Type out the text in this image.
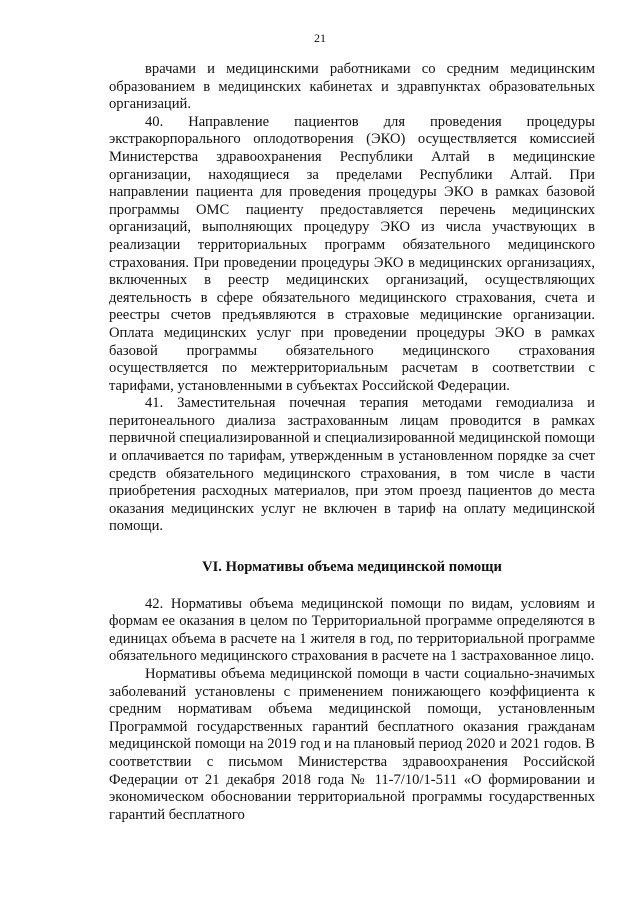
21

врачами и медицинскими работниками со средним медицинским образованием в медицинских кабинетах и здравпунктах образовательных организаций.

40. Направление пациентов для проведения процедуры экстракорпорального оплодотворения (ЭКО) осуществляется комиссией Министерства здравоохранения Республики Алтай в медицинские организации, находящиеся за пределами Республики Алтай. При направлении пациента для проведения процедуры ЭКО в рамках базовой программы ОМС пациенту предоставляется перечень медицинских организаций, выполняющих процедуру ЭКО из числа участвующих в реализации территориальных программ обязательного медицинского страхования. При проведении процедуры ЭКО в медицинских организациях, включенных в реестр медицинских организаций, осуществляющих деятельность в сфере обязательного медицинского страхования, счета и реестры счетов предъявляются в страховые медицинские организации. Оплата медицинских услуг при проведении процедуры ЭКО в рамках базовой программы обязательного медицинского страхования осуществляется по межтерриториальным расчетам в соответствии с тарифами, установленными в субъектах Российской Федерации.

41. Заместительная почечная терапия методами гемодиализа и перитонеального диализа застрахованным лицам проводится в рамках первичной специализированной и специализированной медицинской помощи и оплачивается по тарифам, утвержденным в установленном порядке за счет средств обязательного медицинского страхования, в том числе в части приобретения расходных материалов, при этом проезд пациентов до места оказания медицинских услуг не включен в тариф на оплату медицинской помощи.

VI. Нормативы объема медицинской помощи

42. Нормативы объема медицинской помощи по видам, условиям и формам ее оказания в целом по Территориальной программе определяются в единицах объема в расчете на 1 жителя в год, по территориальной программе обязательного медицинского страхования в расчете на 1 застрахованное лицо.

Нормативы объема медицинской помощи в части социально-значимых заболеваний установлены с применением понижающего коэффициента к средним нормативам объема медицинской помощи, установленным Программой государственных гарантий бесплатного оказания гражданам медицинской помощи на 2019 год и на плановый период 2020 и 2021 годов. В соответствии с письмом Министерства здравоохранения Российской Федерации от 21 декабря 2018 года № 11-7/10/1-511 «О формировании и экономическом обосновании территориальной программы государственных гарантий бесплатного
